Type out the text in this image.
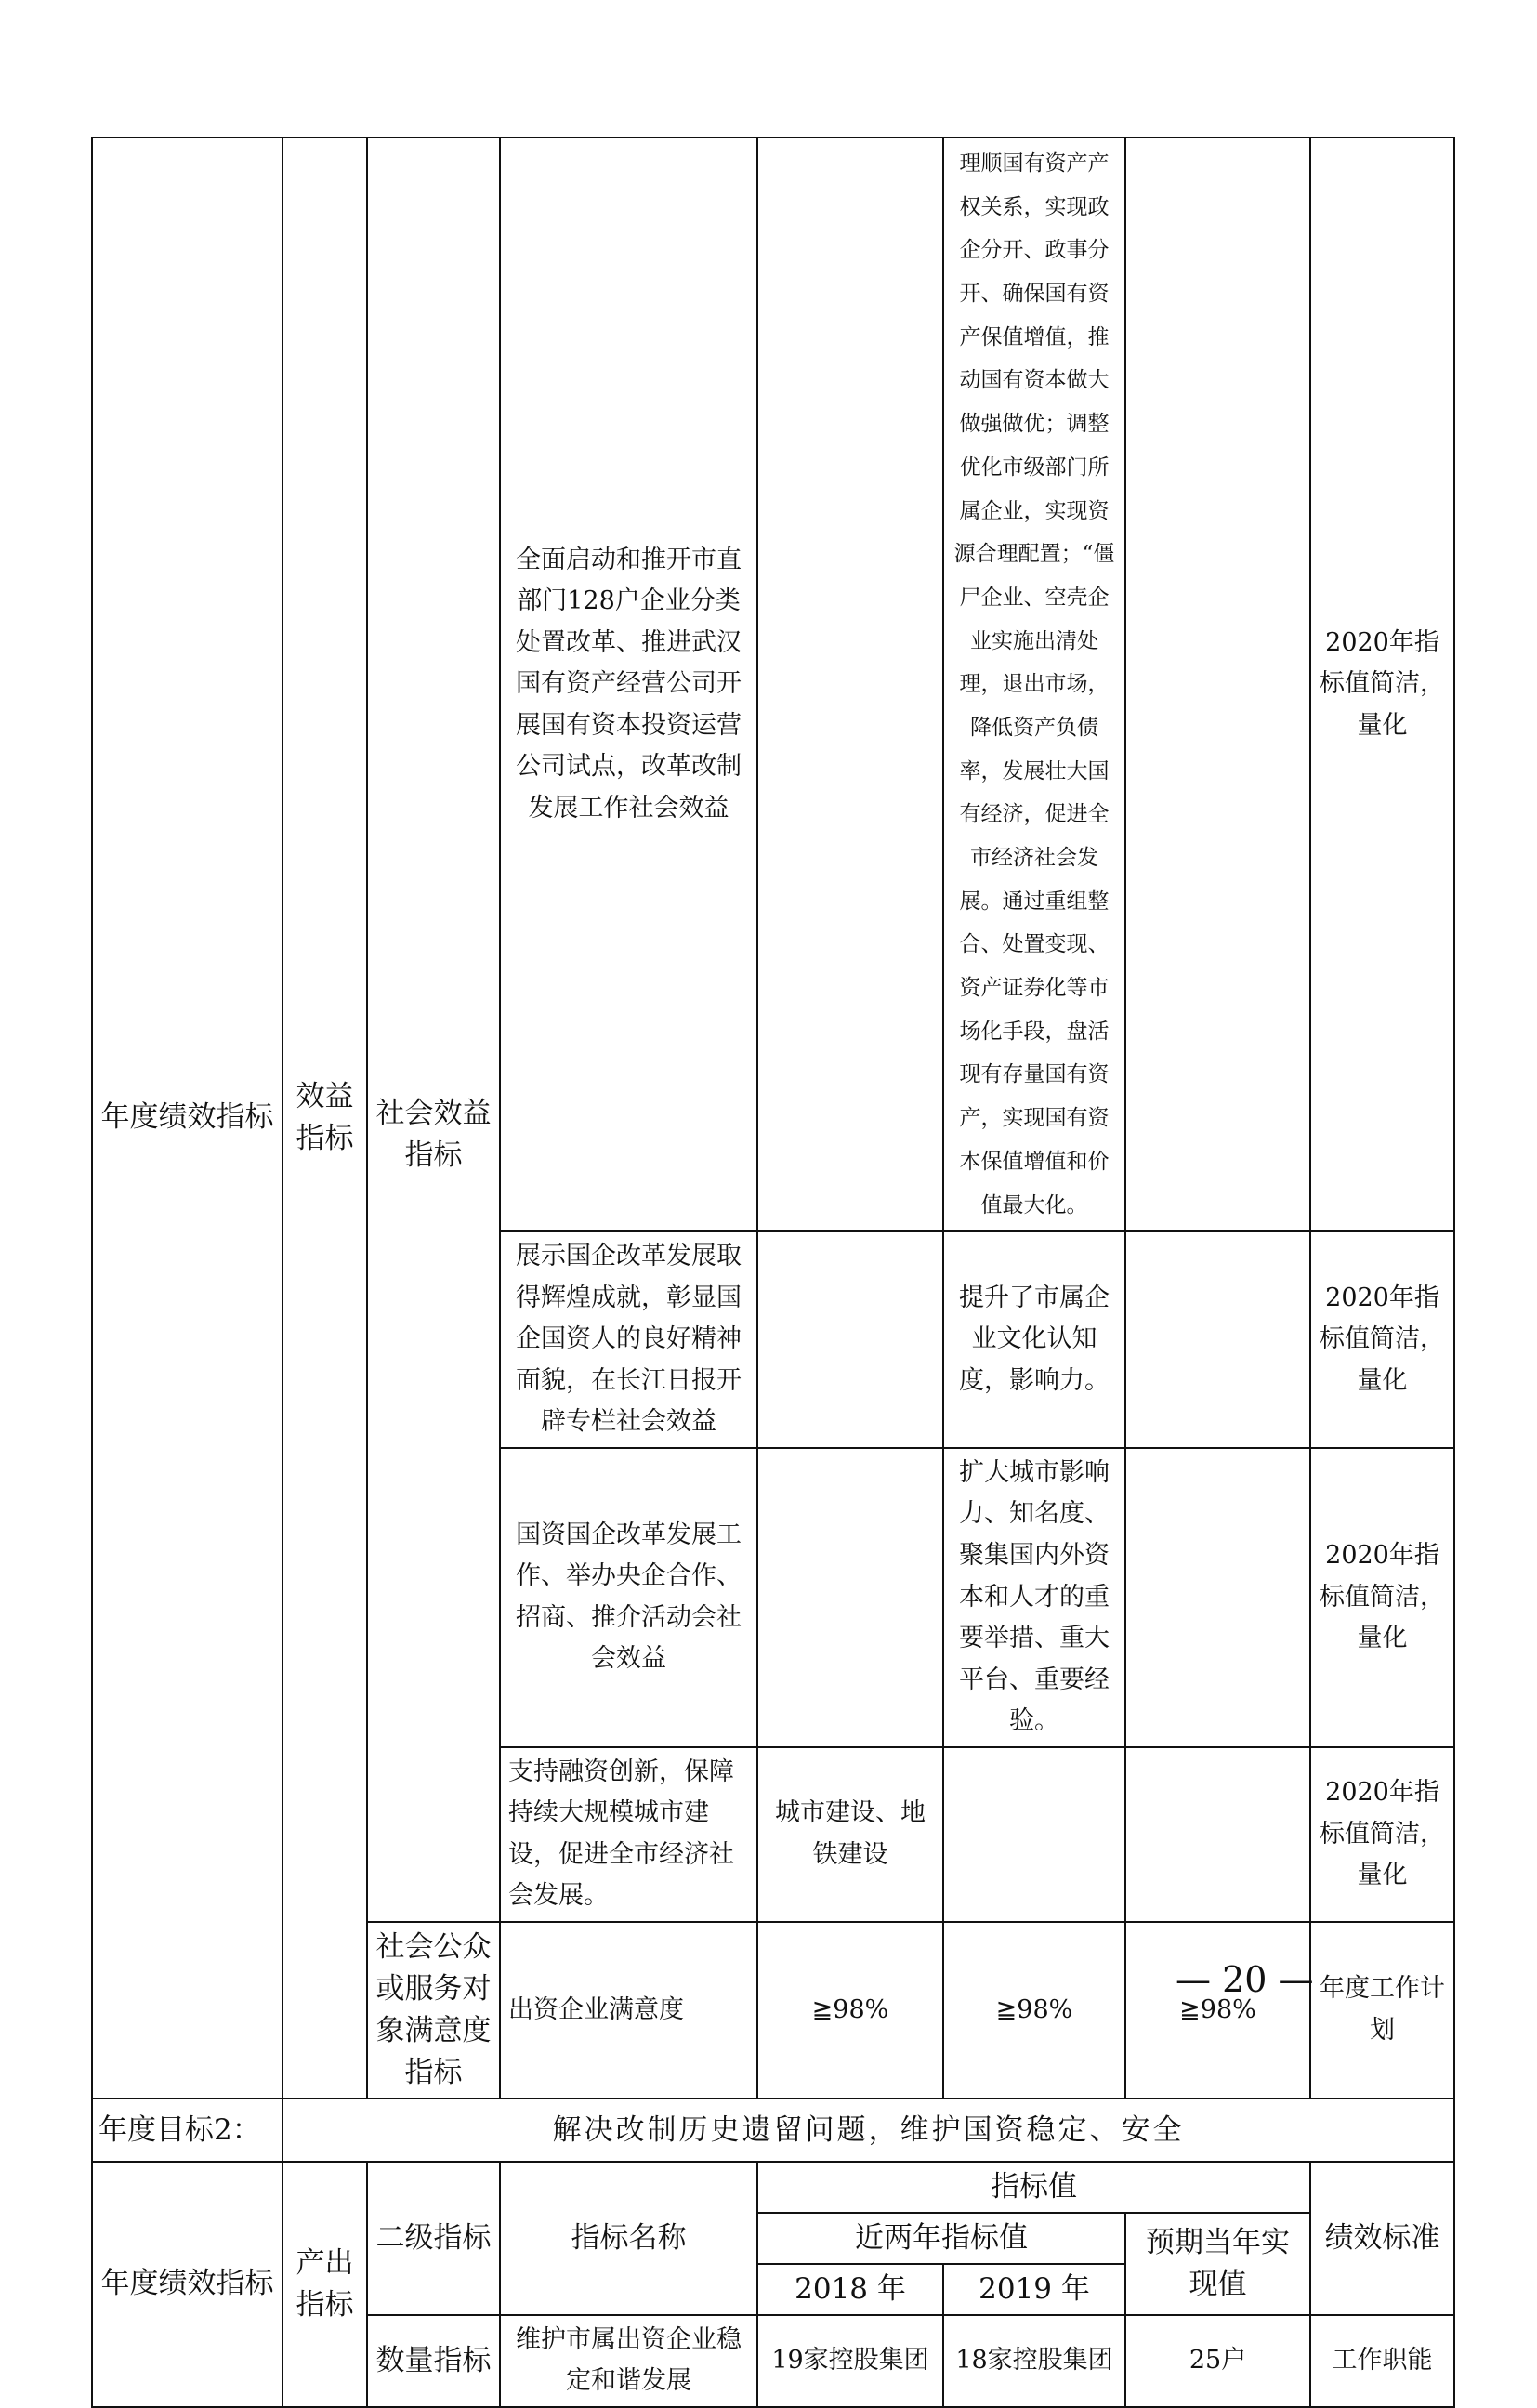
年度绩效指标	效益指标	社会效益指标	全面启动和推开市直部门128户企业分类处置改革、推进武汉国有资产经营公司开展国有资本投资运营公司试点，改革改制发展工作社会效益		理顺国有资产产权关系，实现政企分开、政事分开、确保国有资产保值增值，推动国有资本做大做强做优；调整优化市级部门所属企业，实现资源合理配置；“僵尸企业、空壳企业实施出清处理，退出市场，降低资产负债率，发展壮大国有经济，促进全市经济社会发展。通过重组整合、处置变现、资产证券化等市场化手段，盘活现有存量国有资产，实现国有资本保值增值和价值最大化。		2020年指标值简洁，量化
			展示国企改革发展取得辉煌成就，彰显国企国资人的良好精神面貌，在长江日报开辟专栏社会效益		提升了市属企业文化认知度，影响力。		2020年指标值简洁，量化
			国资国企改革发展工作、举办央企合作、招商、推介活动会社会效益		扩大城市影响力、知名度、聚集国内外资本和人才的重要举措、重大平台、重要经验。		2020年指标值简洁，量化
			支持融资创新，保障持续大规模城市建设，促进全市经济社会发展。	城市建设、地铁建设			2020年指标值简洁，量化
		社会公众或服务对象满意度指标	出资企业满意度	≧98%	≧98%	≧98%	年度工作计划
年度目标2：	解决改制历史遗留问题，维护国资稳定、安全						
年度绩效指标	产出指标	二级指标	指标名称	指标值			绩效标准
				近两年指标值		预期当年实现值	
				2018 年	2019 年		
		数量指标	维护市属出资企业稳定和谐发展	19家控股集团	18家控股集团	25户	工作职能
— 20 —
